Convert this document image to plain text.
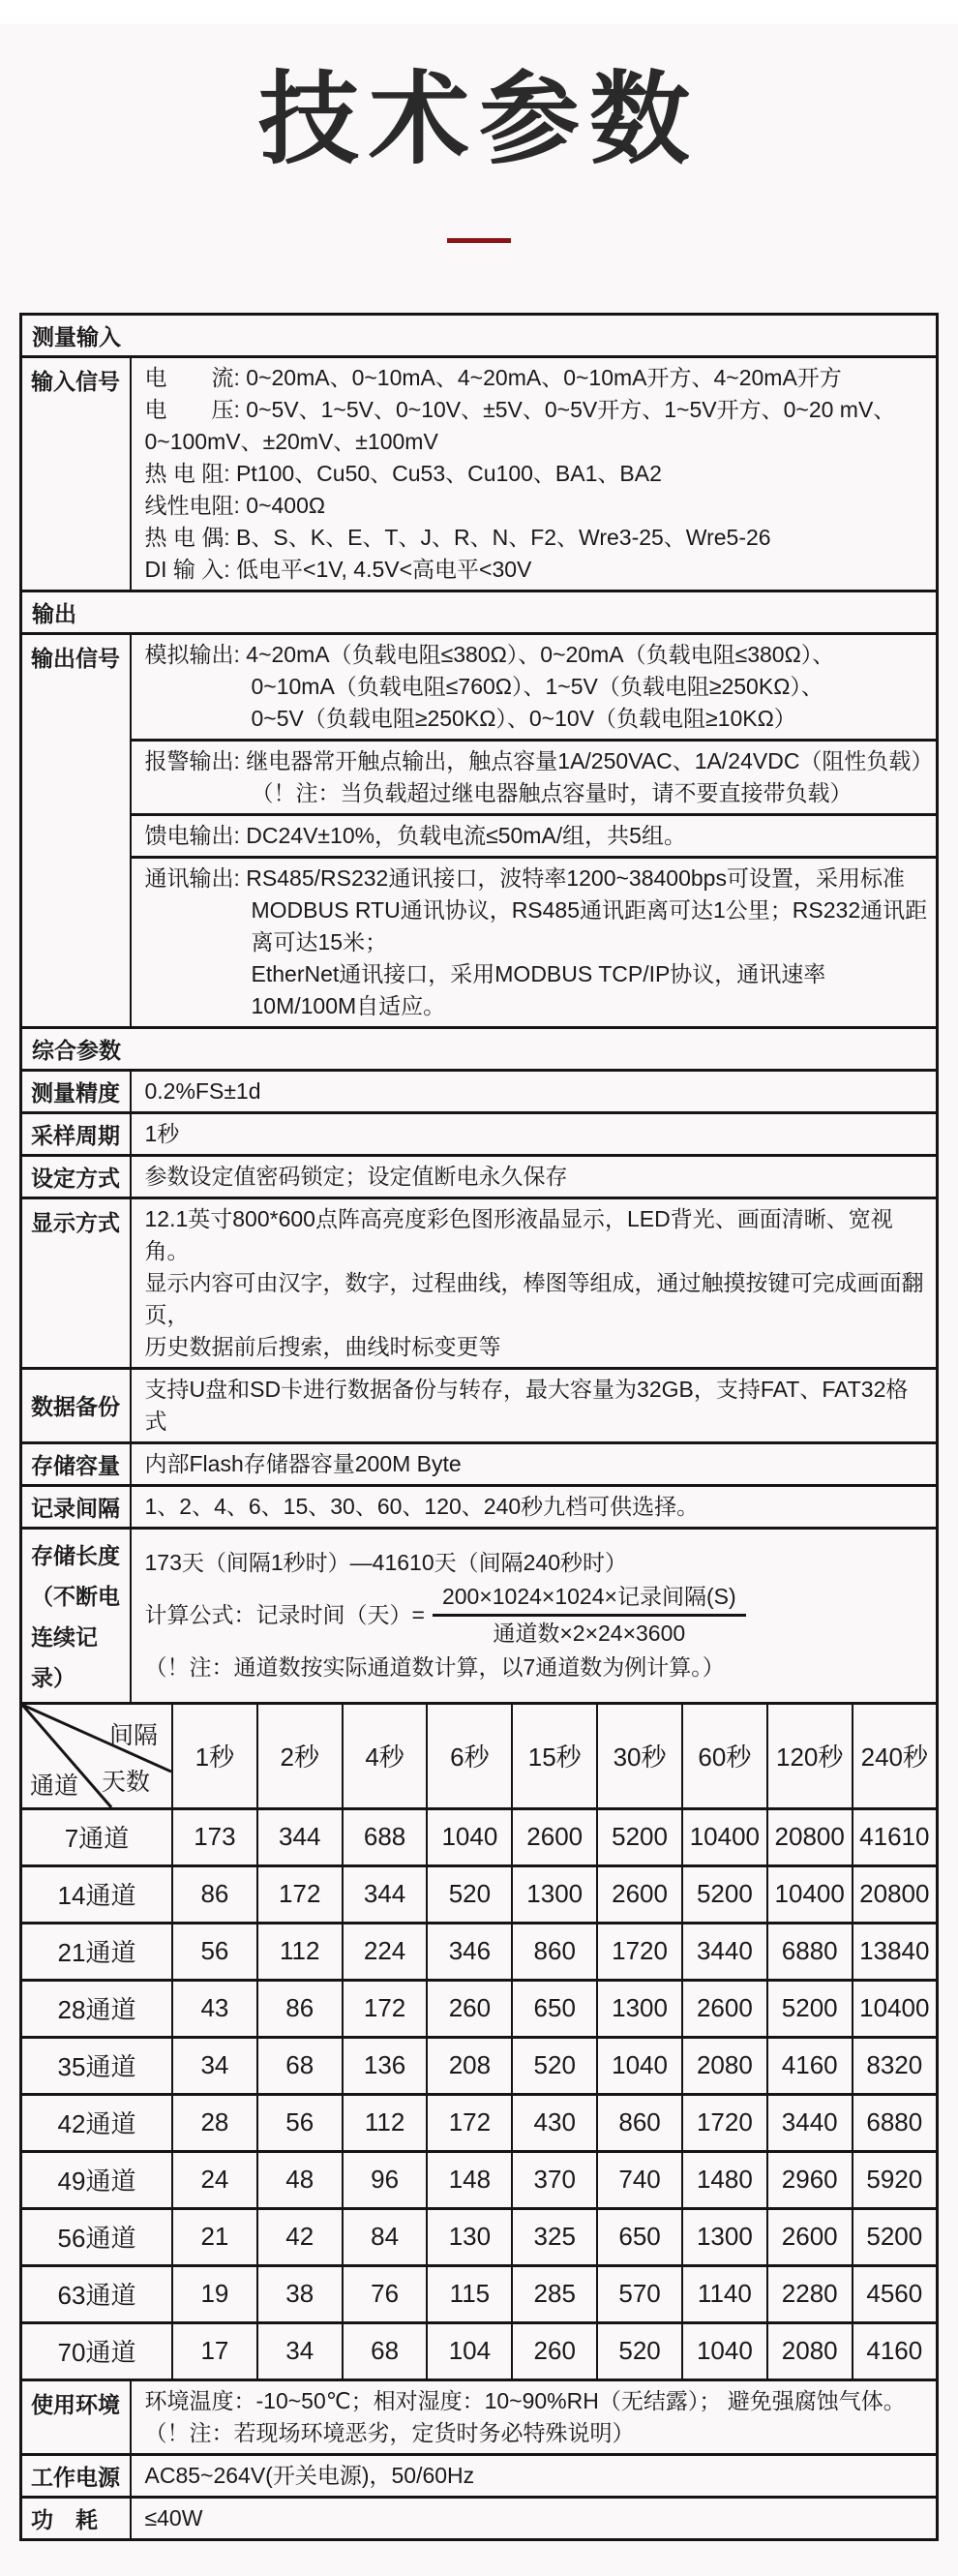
技术参数
测量输入	
输入信号	电　　流: 0~20mA、0~10mA、4~20mA、0~10mA开方、4~20mA开方
电　　压: 0~5V、1~5V、0~10V、±5V、0~5V开方、1~5V开方、0~20 mV、
0~100mV、±20mV、±100mV
热 电 阻: Pt100、Cu50、Cu53、Cu100、BA1、BA2
线性电阻: 0~400Ω
热 电 偶: B、S、K、E、T、J、R、N、F2、Wre3-25、Wre5-26
DI 输 入: 低电平<1V, 4.5V<高电平<30V

输出	
输出信号	模拟输出: 4~20mA（负载电阻≤380Ω）、0~20mA（负载电阻≤380Ω）、
0~10mA（负载电阻≤760Ω）、1~5V（负载电阻≥250KΩ）、
0~5V（负载电阻≥250KΩ）、0~10V（负载电阻≥10KΩ）

	报警输出: 继电器常开触点输出，触点容量1A/250VAC、1A/24VDC（阻性负载）
（！注：当负载超过继电器触点容量时，请不要直接带负载）

	馈电输出: DC24V±10%，负载电流≤50mA/组，共5组。

	通讯输出: RS485/RS232通讯接口，波特率1200~38400bps可设置，采用标准
MODBUS RTU通讯协议，RS485通讯距离可达1公里；RS232通讯距离可达15米；
EtherNet通讯接口，采用MODBUS TCP/IP协议，通讯速率10M/100M自适应。

综合参数	
测量精度	0.2%FS±1d
采样周期	1秒
设定方式	参数设定值密码锁定；设定值断电永久保存
显示方式	12.1英寸800*600点阵高亮度彩色图形液晶显示，LED背光、画面清晰、宽视角。
显示内容可由汉字，数字，过程曲线，棒图等组成，通过触摸按键可完成画面翻页，
历史数据前后搜索，曲线时标变更等

数据备份	支持U盘和SD卡进行数据备份与转存，最大容量为32GB，支持FAT、FAT32格式
存储容量	内部Flash存储器容量200M Byte
记录间隔	1、2、4、6、15、30、60、120、240秒九档可供选择。

存储长度
（不断电
连续记录）

173天（间隔1秒时）—41610天（间隔240秒时）
计算公式：记录时间（天）= $\frac{\text{200×1024×1024×记录间隔(S)}}{\text{通道数×2×24×3600}}$
（！注：通道数按实际通道数计算，以7通道数为例计算。）
间隔
天数
通道	1秒	2秒	4秒	6秒	15秒	30秒	60秒	120秒	240秒
7通道	173	344	688	1040	2600	5200	10400	20800	41610
14通道	86	172	344	520	1300	2600	5200	10400	20800
21通道	56	112	224	346	860	1720	3440	6880	13840
28通道	43	86	172	260	650	1300	2600	5200	10400
35通道	34	68	136	208	520	1040	2080	4160	8320
42通道	28	56	112	172	430	860	1720	3440	6880
49通道	24	48	96	148	370	740	1480	2960	5920
56通道	21	42	84	130	325	650	1300	2600	5200
63通道	19	38	76	115	285	570	1140	2280	4560
70通道	17	34	68	104	260	520	1040	2080	4160
使用环境	环境温度：-10~50℃；相对湿度：10~90%RH（无结露）； 避免强腐蚀气体。
（！注：若现场环境恶劣，定货时务必特殊说明）

工作电源	AC85~264V(开关电源)，50/60Hz
功　耗	≤40W
